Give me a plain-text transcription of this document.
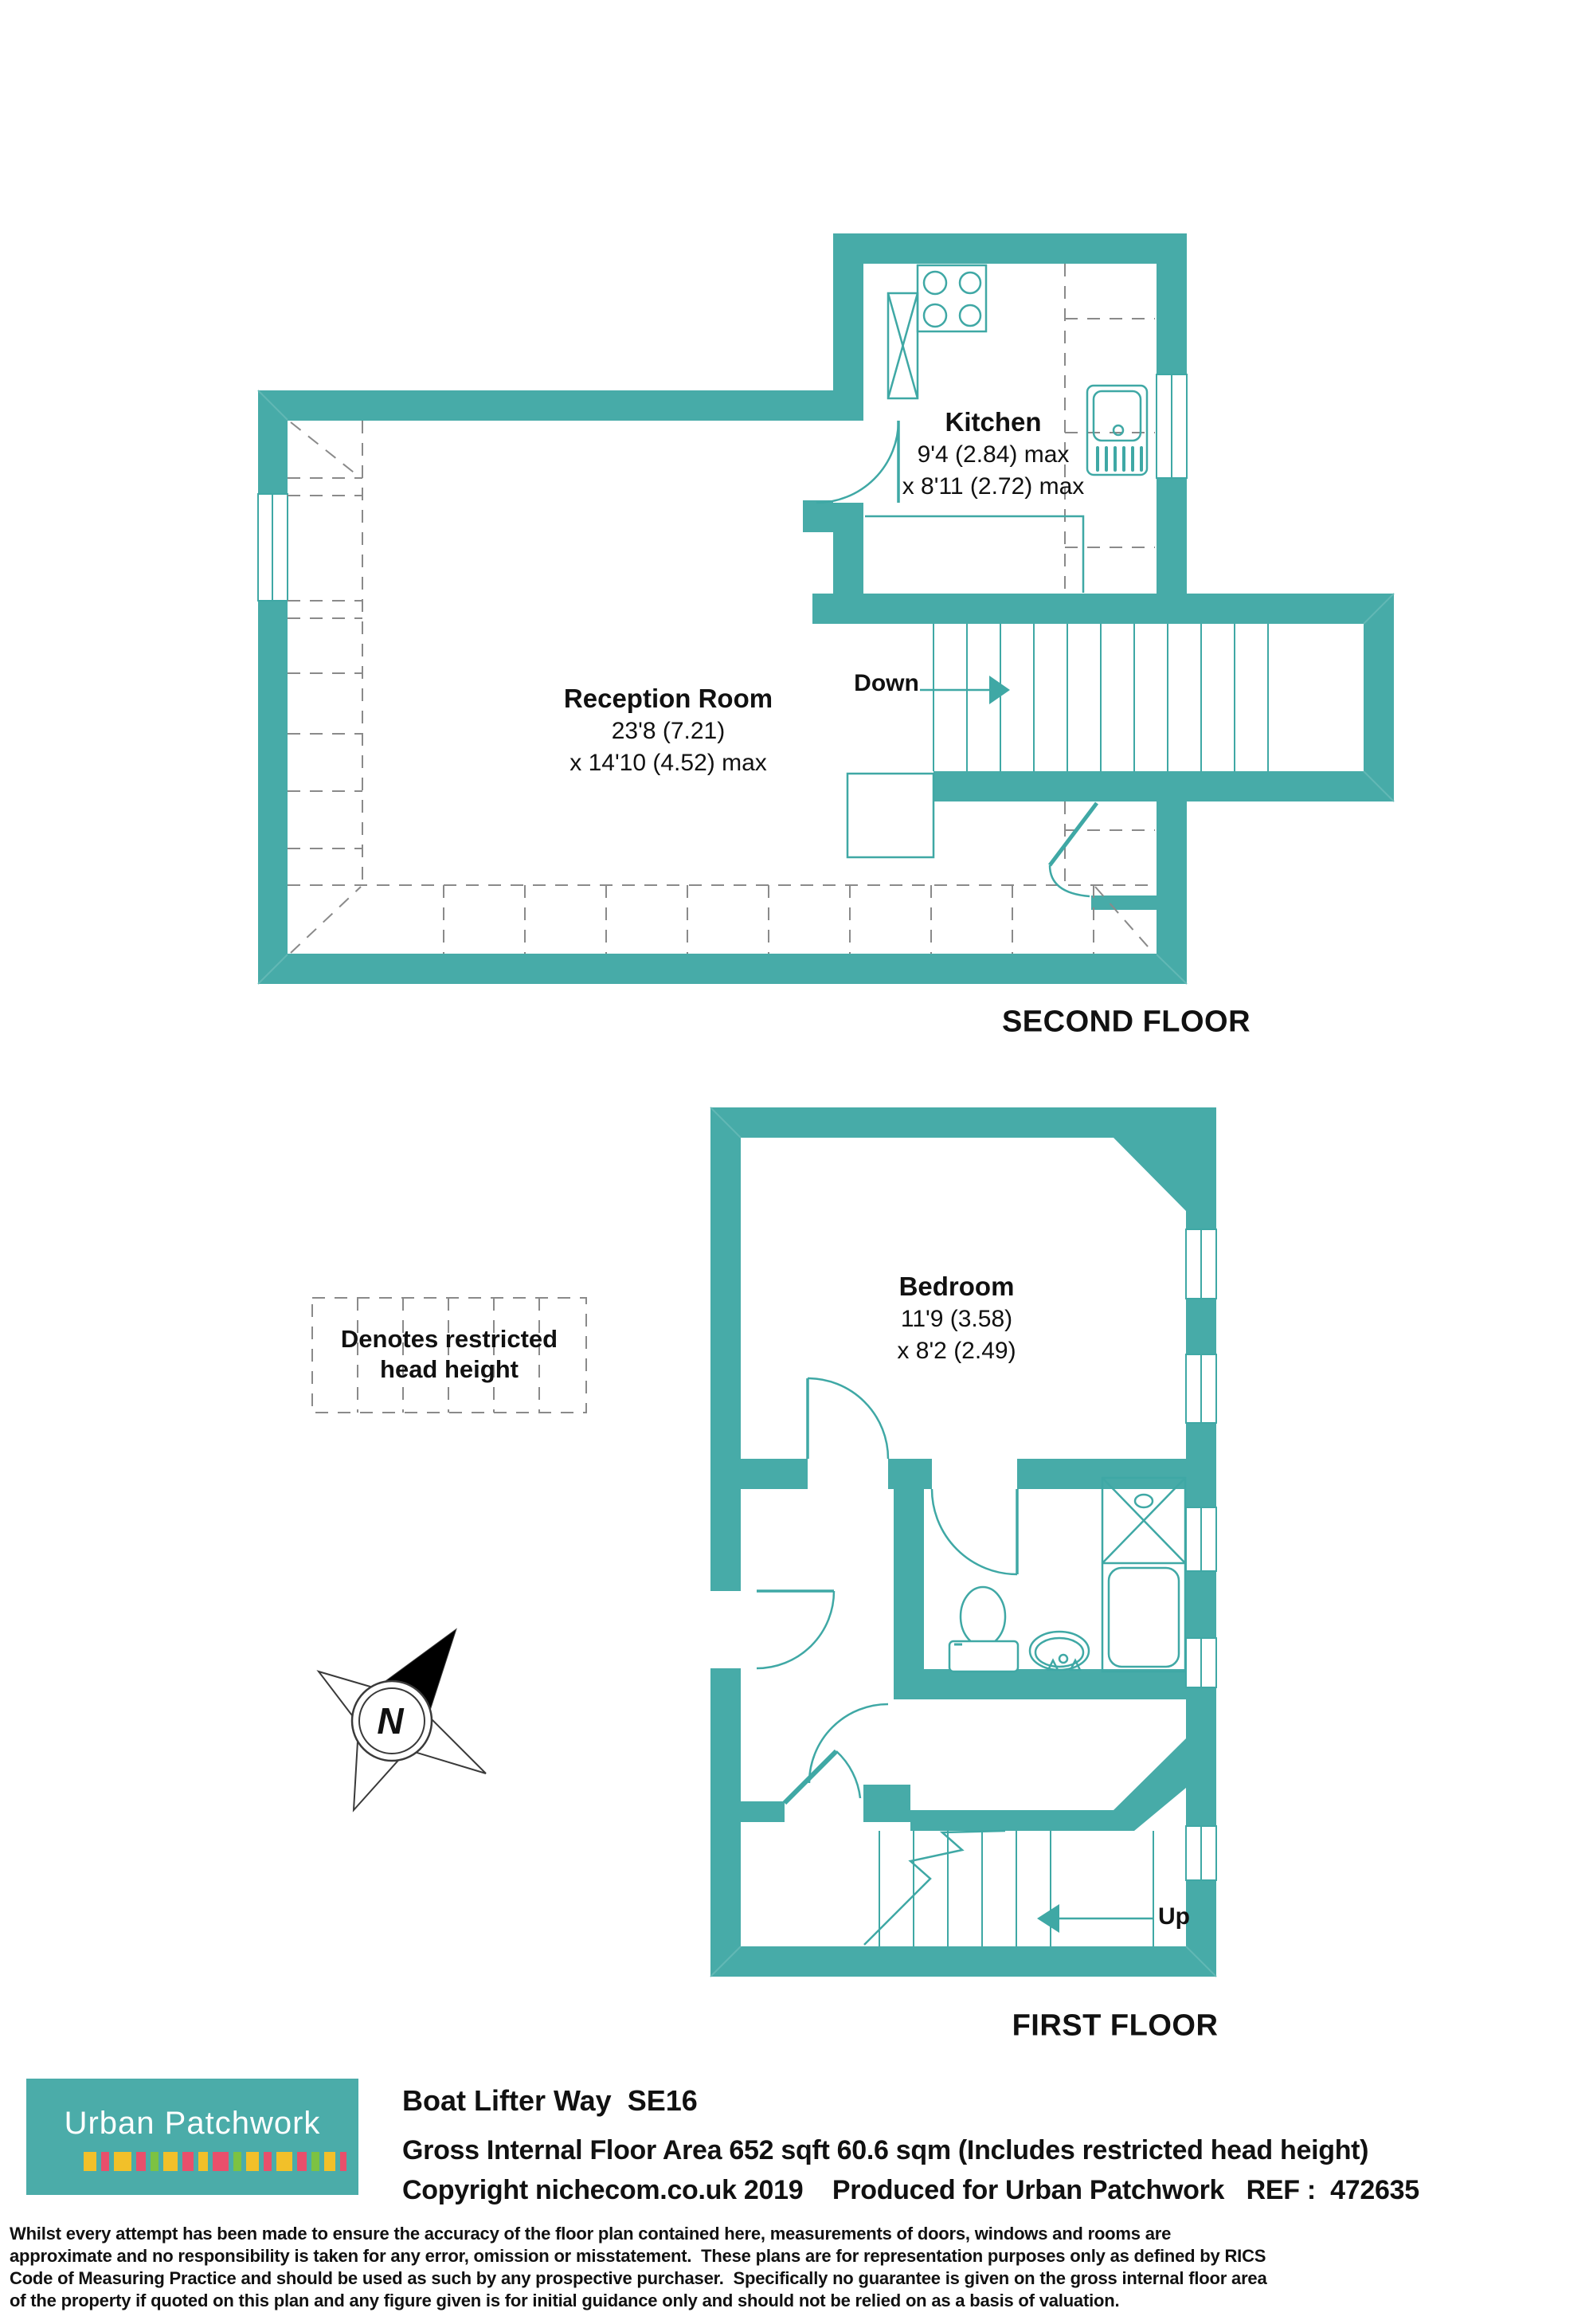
Kitchen
9'4 (2.84) max
x 8'11 (2.72) max
Reception Room
23'8 (7.21)
x 14'10 (4.52) max
Bedroom
11'9 (3.58)
x 8'2 (2.49)
Down
Up
SECOND FLOOR
FIRST FLOOR
Denotes restricted head height
N
Urban Patchwork
Boat Lifter Way  SE16
Gross Internal Floor Area 652 sqft 60.6 sqm (Includes restricted head height)
Copyright nichecom.co.uk 2019    Produced for Urban Patchwork   REF :  472635
Whilst every attempt has been made to ensure the accuracy of the floor plan contained here, measurements of doors, windows and rooms are approximate and no responsibility is taken for any error, omission or misstatement.  These plans are for representation purposes only as defined by RICS Code of Measuring Practice and should be used as such by any prospective purchaser.  Specifically no guarantee is given on the gross internal floor area of the property if quoted on this plan and any figure given is for initial guidance only and should not be relied on as a basis of valuation.
